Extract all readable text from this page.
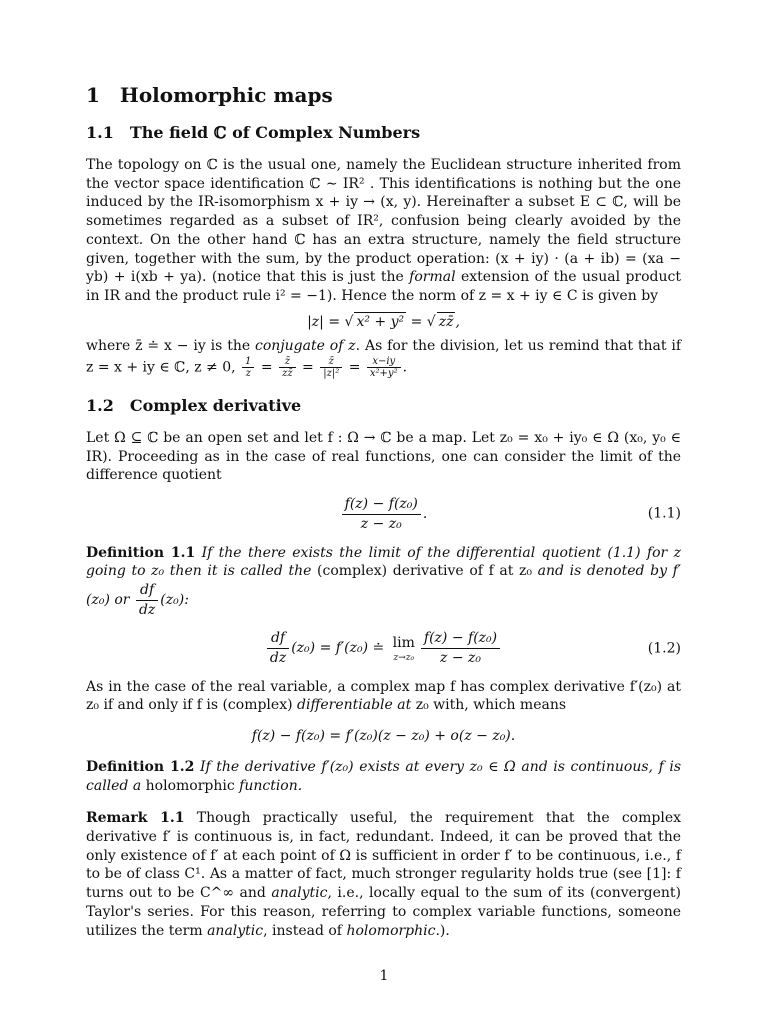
1 Holomorphic maps
1.1 The field ℂ of Complex Numbers

The topology on ℂ is the usual one, namely the Euclidean structure inherited from the vector space identification ℂ ∼ IR² . This identifications is nothing but the one induced by the IR-isomorphism x + iy → (x, y). Hereinafter a subset E ⊂ ℂ, will be sometimes regarded as a subset of IR², confusion being clearly avoided by the context. On the other hand ℂ has an extra structure, namely the field structure given, together with the sum, by the product operation: (x + iy) · (a + ib) = (xa − yb) + i(xb + ya). (notice that this is just the formal extension of the usual product in IR and the product rule i² = −1). Hence the norm of z = x + iy ∈ C is given by

|z| = √ x² + y² = √ zz̄ ,

where z̄ ≐ x − iy is the conjugate of z. As for the division, let us remind that that if z = x + iy ∈ ℂ, z ≠ 0, $\frac{1}{z} = \frac{z̄}{zz̄} = \frac{z̄}{\text{|z|²}} = \frac{x-iy}{\text{x²+y²}}$ .

1.2 Complex derivative

Let Ω ⊆ ℂ be an open set and let f : Ω → ℂ be a map. Let z₀ = x₀ + iy₀ ∈ Ω (x₀, y₀ ∈ IR). Proceeding as in the case of real functions, one can consider the limit of the difference quotient

$\frac{\text{f(z) − f(z₀)}}{\text{z − z₀}}$ .	(1.1)

Definition 1.1 If the there exists the limit of the differential quotient (1.1) for z going to z₀ then it is called the (complex) derivative of f at z₀ and is denoted by f′(z₀) or $\frac{df}{dz} (z_0)$:

$\frac{df}{dz} (z_0) = f'(z_0)$ ≐ lim
$z\to z_0 \frac{\text{f(z) − f(z₀)}}{\text{z − z₀}}$	(1.2)

As in the case of the real variable, a complex map f has complex derivative f′(z₀) at z₀ if and only if f is (complex) differentiable at z₀ with, which means

f(z) − f(z₀) = f′(z₀)(z − z₀) + o(z − z₀).

Definition 1.2 If the derivative f′(z₀) exists at every z₀ ∈ Ω and is continuous, f is called a holomorphic function.

Remark 1.1 Though practically useful, the requirement that the complex derivative f′ is continuous is, in fact, redundant. Indeed, it can be proved that the only existence of f′ at each point of Ω is sufficient in order f′ to be continuous, i.e., f to be of class C¹. As a matter of fact, much stronger regularity holds true (see [1]: f turns out to be C^∞ and analytic, i.e., locally equal to the sum of its (convergent) Taylor's series. For this reason, referring to complex variable functions, someone utilizes the term analytic, instead of holomorphic.).

1
